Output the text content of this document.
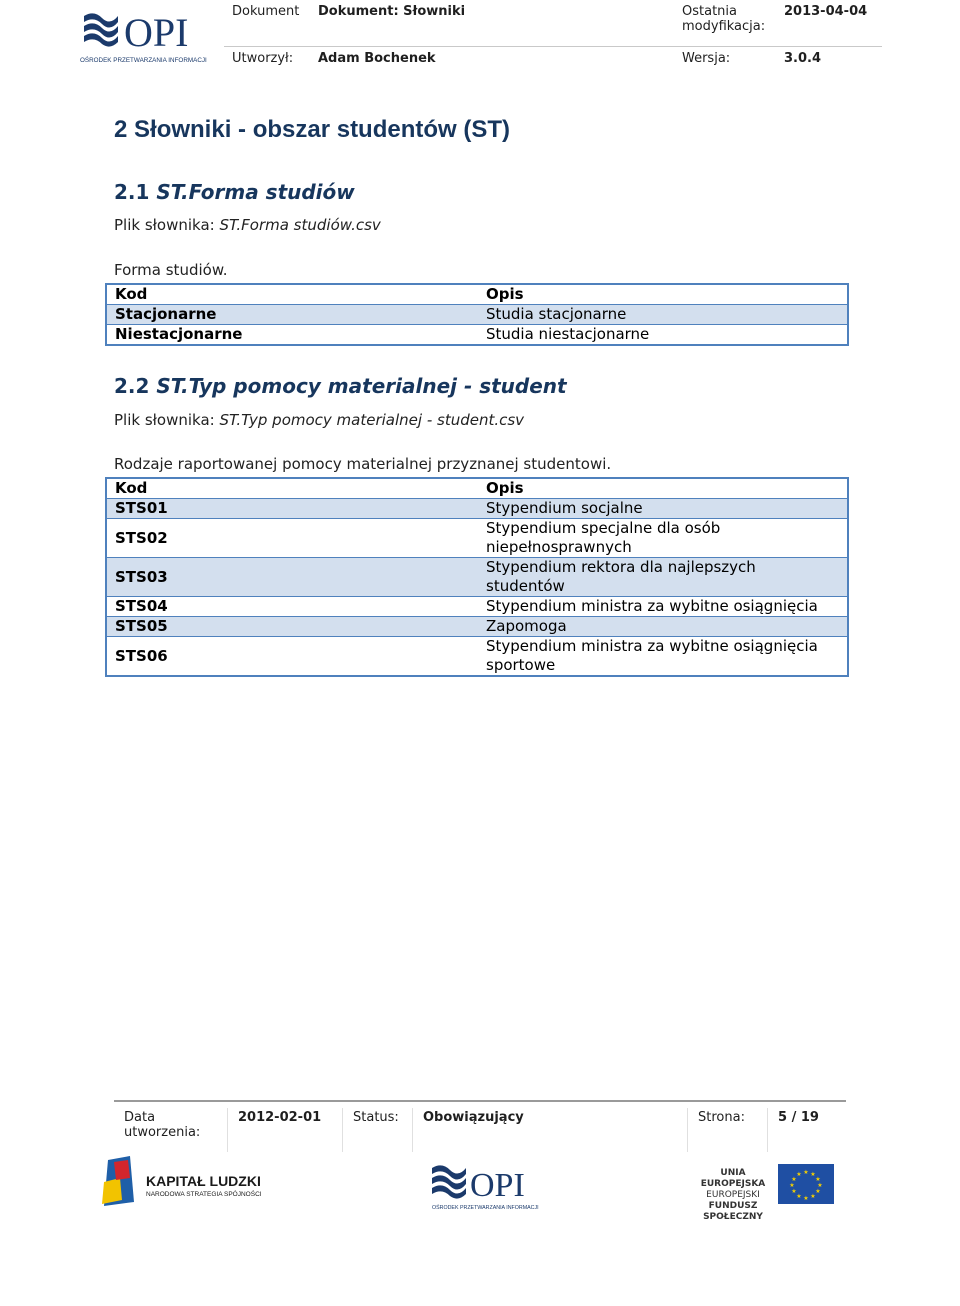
OPI
OŚRODEK PRZETWARZANIA INFORMACJI
Dokument	Dokument: Słowniki	Ostatnia modyfikacja:	2013-04-04
Utworzył:	Adam Bochenek	Wersja:	3.0.4
2 Słowniki - obszar studentów (ST)
2.1 ST.Forma studiów
Plik słownika: ST.Forma studiów.csv
Forma studiów.
Kod	Opis
Stacjonarne	Studia stacjonarne
Niestacjonarne	Studia niestacjonarne
2.2 ST.Typ pomocy materialnej - student
Plik słownika: ST.Typ pomocy materialnej - student.csv
Rodzaje raportowanej pomocy materialnej przyznanej studentowi.
Kod	Opis
STS01	Stypendium socjalne
STS02	Stypendium specjalne dla osób niepełnosprawnych
STS03	Stypendium rektora dla najlepszych studentów
STS04	Stypendium ministra za wybitne osiągnięcia
STS05	Zapomoga
STS06	Stypendium ministra za wybitne osiągnięcia sportowe
Data utworzenia:	2012-02-01	Status:	Obowiązujący	Strona:	5 / 19
KAPITAŁ LUDZKI
NARODOWA STRATEGIA SPÓJNOŚCI	OPI
OŚRODEK PRZETWARZANIA INFORMACJI
UNIA EUROPEJSKA
EUROPEJSKI
FUNDUSZ SPOŁECZNY
★ ★
★
★
★
★
★
★
★
★
★
★
